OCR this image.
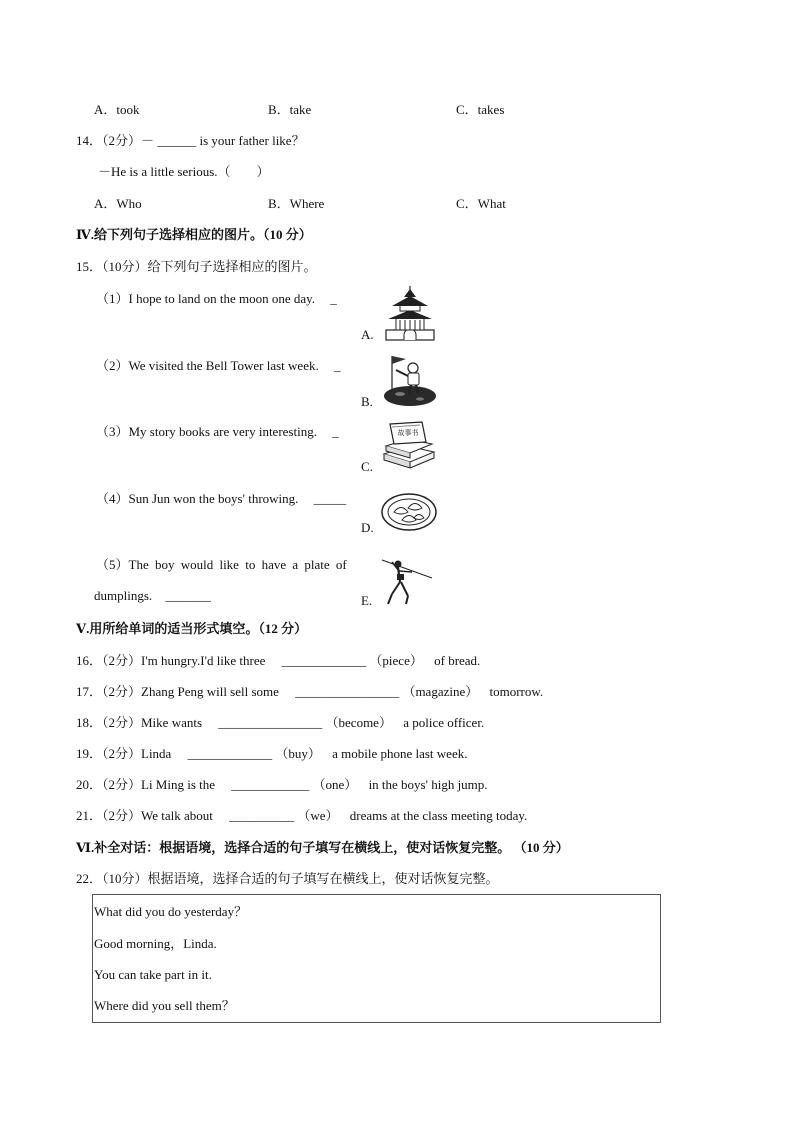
A．took	B．take	C．takes
14．（2分）－ ______ is your father like？
－He is a little serious.（　　）
A．Who	B．Where	C．What
Ⅳ.给下列句子选择相应的图片。（10 分）
15．（10分）给下列句子选择相应的图片。
（1）I hope to land on the moon one day. _
（2）We visited the Bell Tower last week. _
（3）My story books are very interesting. _
（4）Sun Jun won the boys' throwing. _____
（5）The boy would like to have a plate of
dumplings. _______
A.
B.
C.
D.
E.
故事书
Ⅴ.用所给单词的适当形式填空。（12 分）
16．（2分）I'm hungry.I'd like three _____________ （piece） of bread.
17．（2分）Zhang Peng will sell some ________________ （magazine） tomorrow.
18．（2分）Mike wants ________________ （become） a police officer.
19．（2分）Linda _____________ （buy） a mobile phone last week.
20．（2分）Li Ming is the ____________ （one） in the boys' high jump.
21．（2分）We talk about __________ （we） dreams at the class meeting today.
Ⅵ.补全对话：根据语境，选择合适的句子填写在横线上，使对话恢复完整。 （10 分）
22．（10分）根据语境，选择合适的句子填写在横线上，使对话恢复完整。
What did you do yesterday？
Good morning，Linda.
You can take part in it.
Where did you sell them？
